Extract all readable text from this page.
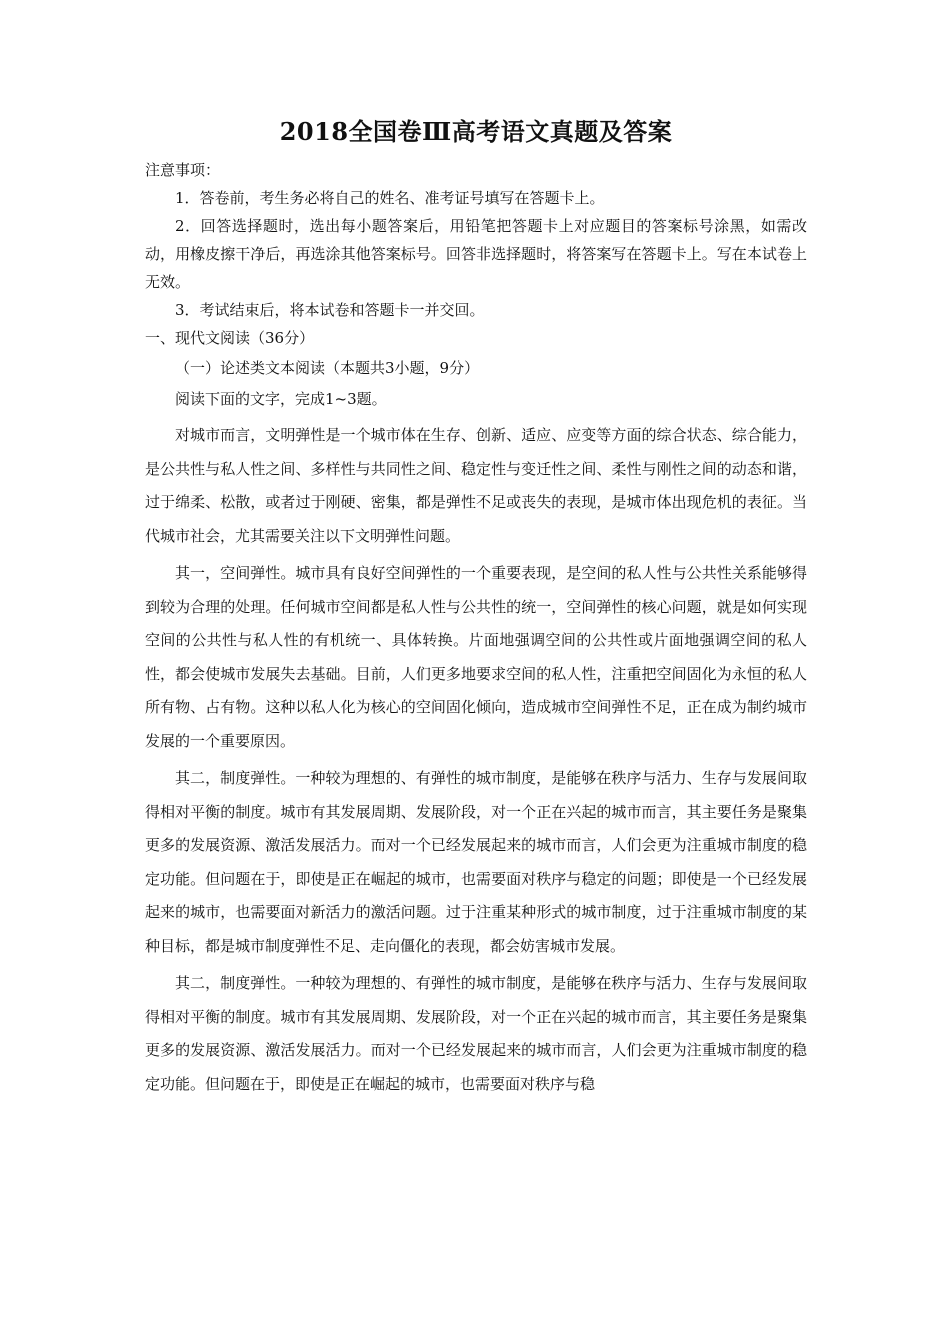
2018全国卷Ⅲ高考语文真题及答案

注意事项：

1．答卷前，考生务必将自己的姓名、准考证号填写在答题卡上。

2．回答选择题时，选出每小题答案后，用铅笔把答题卡上对应题目的答案标号涂黑，如需改动，用橡皮擦干净后，再选涂其他答案标号。回答非选择题时，将答案写在答题卡上。写在本试卷上无效。

3．考试结束后，将本试卷和答题卡一并交回。

一、现代文阅读（36分）

（一）论述类文本阅读（本题共3小题，9分）

阅读下面的文字，完成1~3题。

对城市而言，文明弹性是一个城市体在生存、创新、适应、应变等方面的综合状态、综合能力，是公共性与私人性之间、多样性与共同性之间、稳定性与变迁性之间、柔性与刚性之间的动态和谐，过于绵柔、松散，或者过于刚硬、密集，都是弹性不足或丧失的表现，是城市体出现危机的表征。当代城市社会，尤其需要关注以下文明弹性问题。

其一，空间弹性。城市具有良好空间弹性的一个重要表现，是空间的私人性与公共性关系能够得到较为合理的处理。任何城市空间都是私人性与公共性的统一，空间弹性的核心问题，就是如何实现空间的公共性与私人性的有机统一、具体转换。片面地强调空间的公共性或片面地强调空间的私人性，都会使城市发展失去基础。目前，人们更多地要求空间的私人性，注重把空间固化为永恒的私人所有物、占有物。这种以私人化为核心的空间固化倾向，造成城市空间弹性不足，正在成为制约城市发展的一个重要原因。

其二，制度弹性。一种较为理想的、有弹性的城市制度，是能够在秩序与活力、生存与发展间取得相对平衡的制度。城市有其发展周期、发展阶段，对一个正在兴起的城市而言，其主要任务是聚集更多的发展资源、激活发展活力。而对一个已经发展起来的城市而言，人们会更为注重城市制度的稳定功能。但问题在于，即使是正在崛起的城市，也需要面对秩序与稳定的问题；即使是一个已经发展起来的城市，也需要面对新活力的激活问题。过于注重某种形式的城市制度，过于注重城市制度的某种目标，都是城市制度弹性不足、走向僵化的表现，都会妨害城市发展。

其二，制度弹性。一种较为理想的、有弹性的城市制度，是能够在秩序与活力、生存与发展间取得相对平衡的制度。城市有其发展周期、发展阶段，对一个正在兴起的城市而言，其主要任务是聚集更多的发展资源、激活发展活力。而对一个已经发展起来的城市而言，人们会更为注重城市制度的稳定功能。但问题在于，即使是正在崛起的城市，也需要面对秩序与稳
